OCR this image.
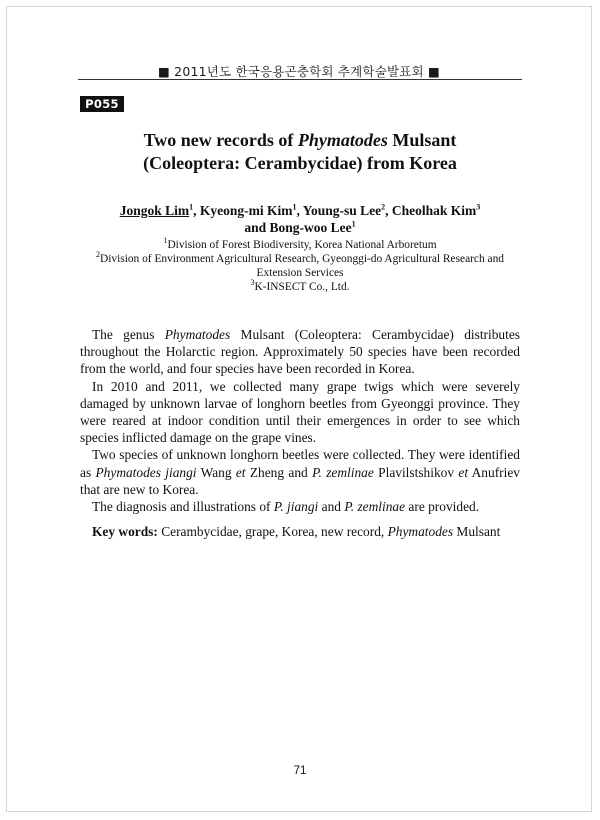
■ 2011년도 한국응용곤충학회 추계학술발표회 ■
P055
Two new records of Phymatodes Mulsant
(Coleoptera: Cerambycidae) from Korea
Jongok Lim$^1$, Kyeong-mi Kim$^1$, Young-su Lee$^2$, Cheolhak Kim$^3$
and Bong-woo Lee$^1$
$^1$Division of Forest Biodiversity, Korea National Arboretum
$^2$Division of Environment Agricultural Research, Gyeonggi-do Agricultural Research and Extension Services
$^3$K-INSECT Co., Ltd.

The genus Phymatodes Mulsant (Coleoptera: Cerambycidae) distributes throughout the Holarctic region. Approximately 50 species have been recorded from the world, and four species have been recorded in Korea.

In 2010 and 2011, we collected many grape twigs which were severely damaged by unknown larvae of longhorn beetles from Gyeonggi province. They were reared at indoor condition until their emergences in order to see which species inflicted damage on the grape vines.

Two species of unknown longhorn beetles were collected. They were identified as Phymatodes jiangi Wang et Zheng and P. zemlinae Plavilstshikov et Anufriev that are new to Korea.

The diagnosis and illustrations of P. jiangi and P. zemlinae are provided.

Key words: Cerambycidae, grape, Korea, new record, Phymatodes Mulsant
71
